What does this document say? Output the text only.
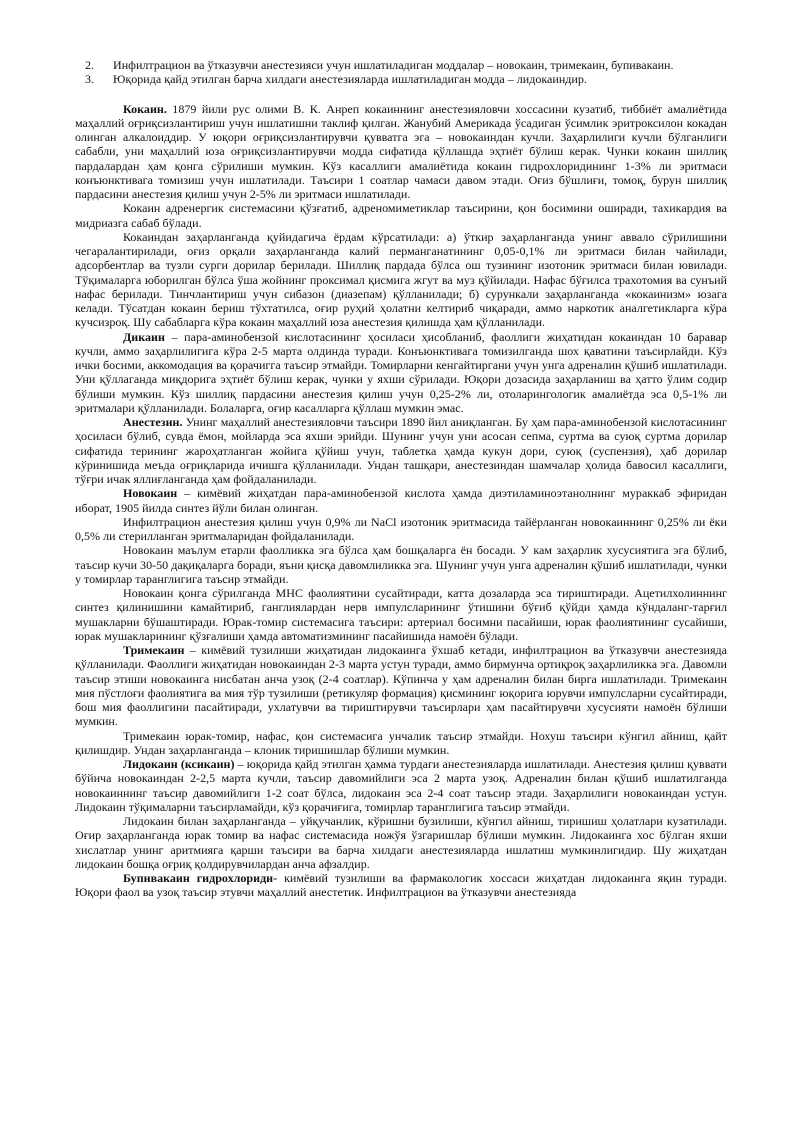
2.	Инфилтрацион ва ўтказувчи анестезияси учун ишлатиладиган моддалар – новокаин, тримекаин, бупивакаин.
3.	Юқорида қайд этилган барча хилдаги анестезияларда ишлатиладиган модда – лидокаиндир.

Кокаин. 1879 йили рус олими В. К. Анреп кокаиннинг анестезияловчи хоссасини кузатиб, тиббиёт амалиётида маҳаллий оғриқсизлантириш учун ишлатишни таклиф қилган. Жанубий Америкада ўсадиган ўсимлик эритроксилон кокадан олинган алкалоиддир. У юқори оғриқсизлантирувчи қувватга эга – новокаиндан кучли. Заҳарлилиги кучли бўлганлиги сабабли, уни маҳаллий юза оғриқсизлантирувчи модда сифатида қўллашда эҳтиёт бўлиш керак. Чунки кокаин шиллиқ пардалардан ҳам қонга сўрилиши мумкин. Кўз касаллиги амалиётида кокаин гидрохлоридининг 1-3% ли эритмаси конъюнктивага томизиш учун ишлатилади. Таъсири 1 соатлар чамаси давом этади. Оғиз бўшлиғи, томоқ, бурун шиллиқ пардасини анестезия қилиш учун 2-5% ли эритмаси ишлатилади.

Кокаин адренергик системасини қўзғатиб, адреномиметиклар таъсирини, қон босимини оширади, тахикардия ва мидриазга сабаб бўлади.

Кокаиндан заҳарланганда қуйидагича ёрдам кўрсатилади: а) ўткир заҳарланганда унинг аввало сўрилишини чегаралантирилади, оғиз орқали заҳарланганда калий перманганатининг 0,05-0,1% ли эритмаси билан чайилади, адсорбентлар ва тузли сурги дорилар берилади. Шиллиқ пардада бўлса ош тузининг изотоник эритмаси билан ювилади. Тўқималарга юборилган бўлса ўша жойнинг проксимал қисмига жгут ва муз қўйилади. Нафас бўғилса трахотомия ва сунъий нафас берилади. Тинчлантириш учун сибазон (диазепам) қўлланилади; б) сурункали заҳарланганда «кокаинизм» юзага келади. Тўсатдан кокаин бериш тўхтатилса, оғир руҳий ҳолатни келтириб чиқаради, аммо наркотик аналгетикларга кўра кучсизроқ. Шу сабабларга кўра кокаин маҳаллий юза анестезия қилишда ҳам қўлланилади.

Дикаин – пара-аминобензой кислотасининг ҳосиласи ҳисобланиб, фаоллиги жиҳатидан кокаиндан 10 баравар кучли, аммо заҳарлилигига кўра 2-5 марта олдинда туради. Конъюнктивага томизилганда шох қаватини таъсирлайди. Кўз ички босими, аккомодация ва қорачигга таъсир этмайди. Томирларни кенгайтиргани учун унга адреналин қўшиб ишлатилади. Уни қўллаганда миқдорига эҳтиёт бўлиш керак, чунки у яхши сўрилади. Юқори дозасида заҳарланиш ва ҳатто ўлим содир бўлиши мумкин. Кўз шиллиқ пардасини анестезия қилиш учун 0,25-2% ли, отоларингологик амалиётда эса 0,5-1% ли эритмалари қўлланилади. Болаларга, оғир касалларга қўллаш мумкин эмас.

Анестезин. Унинг маҳаллий анестезияловчи таъсири 1890 йил аниқланган. Бу ҳам пара-аминобензой кислотасининг ҳосиласи бўлиб, сувда ёмон, мойларда эса яхши эрийди. Шунинг учун уни асосан сепма, суртма ва суюқ суртма дорилар сифатида терининг жароҳатланган жойига қўйиш учун, таблетка ҳамда кукун дори, суюқ (суспензия), ҳаб дорилар кўринишида меъда оғриқларида ичишга қўлланилади. Ундан ташқари, анестезиндан шамчалар ҳолида бавосил касаллиги, тўғри ичак яллиғланганда ҳам фойдаланилади.

Новокаин – кимёвий жиҳатдан пара-аминобензой кислота ҳамда диэтиламиноэтанолнинг мураккаб эфиридан иборат, 1905 йилда синтез йўли билан олинган.

Инфилтрацион анестезия қилиш учун 0,9% ли NaCl изотоник эритмасида тайёрланган новокаиннинг 0,25% ли ёки 0,5% ли стерилланган эритмаларидан фойдаланилади.

Новокаин маълум етарли фаолликка эга бўлса ҳам бошқаларга ён босади. У кам заҳарлик хусусиятига эга бўлиб, таъсир кучи 30-50 дақиқаларга боради, яъни қисқа давомлиликка эга. Шунинг учун унга адреналин қўшиб ишлатилади, чунки у томирлар таранглигига таъсир этмайди.

Новокаин қонга сўрилганда МНС фаолиятини сусайтиради, катта дозаларда эса тириштиради. Ацетилхолиннинг синтез қилинишини камайтириб, ганглиялардан нерв импулсларининг ўтишини бўғиб қўйди ҳамда кўндаланг-тарғил мушакларни бўшаштиради. Юрак-томир системасига таъсири: артериал босимни пасайиши, юрак фаолиятининг сусайиши, юрак мушакларининг қўзғалиши ҳамда автоматизмининг пасайишида намоён бўлади.

Тримекаин – кимёвий тузилиши жиҳатидан лидокаинга ўхшаб кетади, инфилтрацион ва ўтказувчи анестезияда қўлланилади. Фаоллиги жиҳатидан новокаиндан 2-3 марта устун туради, аммо бирмунча ортиқроқ заҳарлиликка эга. Давомли таъсир этиши новокаинга нисбатан анча узоқ (2-4 соатлар). Кўпинча у ҳам адреналин билан бирга ишлатилади. Тримекаин мия пўстлоғи фаолиятига ва мия тўр тузилиши (ретикуляр формация) қисмининг юқорига юрувчи импулсларни сусайтиради, бош мия фаоллигини пасайтиради, ухлатувчи ва тириштирувчи таъсирлари ҳам пасайтирувчи хусусияти намоён бўлиши мумкин.

Тримекаин юрак-томир, нафас, қон системасига унчалик таъсир этмайди. Нохуш таъсири кўнгил айниш, қайт қилишдир. Ундан заҳарланганда – клоник тиришишлар бўлиши мумкин.

Лидокаин (ксикаин) – юқорида қайд этилган ҳамма турдаги анестезияларда ишлатилади. Анестезия қилиш қуввати бўйича новокаиндан 2-2,5 марта кучли, таъсир давомийлиги эса 2 марта узоқ. Адреналин билан қўшиб ишлатилганда новокаиннинг таъсир давомийлиги 1-2 соат бўлса, лидокаин эса 2-4 соат таъсир этади. Заҳарлилиги новокаиндан устун. Лидокаин тўқималарни таъсирламайди, кўз қорачиғига, томирлар таранглигига таъсир этмайди.

Лидокаин билан заҳарланганда – уйқучанлик, кўришни бузилиши, кўнгил айниш, тиришиш ҳолатлари кузатилади. Оғир заҳарланганда юрак томир ва нафас системасида ножўя ўзгаришлар бўлиши мумкин. Лидокаинга хос бўлган яхши хислатлар унинг аритмияга қарши таъсири ва барча хилдаги анестезияларда ишлатиш мумкинлигидир. Шу жиҳатдан лидокаин бошқа оғриқ қолдирувчилардан анча афзалдир.

Бупивакаин гидрохлориди- кимёвий тузилиши ва фармакологик хоссаси жиҳатдан лидокаинга яқин туради. Юқори фаол ва узоқ таъсир этувчи маҳаллий анестетик. Инфилтрацион ва ўтказувчи анестезияда
